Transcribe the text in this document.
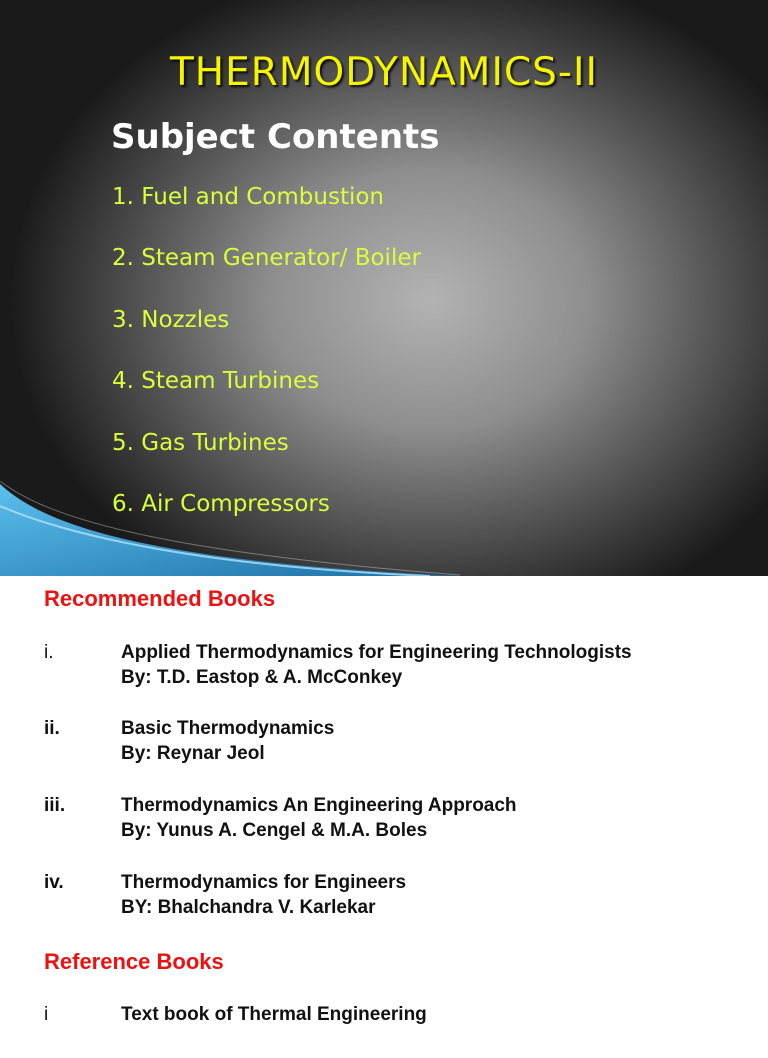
THERMODYNAMICS-II
Subject Contents
1. Fuel and Combustion
2. Steam Generator/ Boiler
3. Nozzles
4. Steam Turbines
5. Gas Turbines
6. Air Compressors
Recommended Books
i.	Applied Thermodynamics for Engineering Technologists
By: T.D. Eastop & A. McConkey
ii.	Basic Thermodynamics
By: Reynar Jeol
iii.	Thermodynamics An Engineering Approach
By: Yunus A. Cengel & M.A. Boles
iv.	Thermodynamics for Engineers
BY: Bhalchandra V. Karlekar
Reference Books
i	Text book of Thermal Engineering
